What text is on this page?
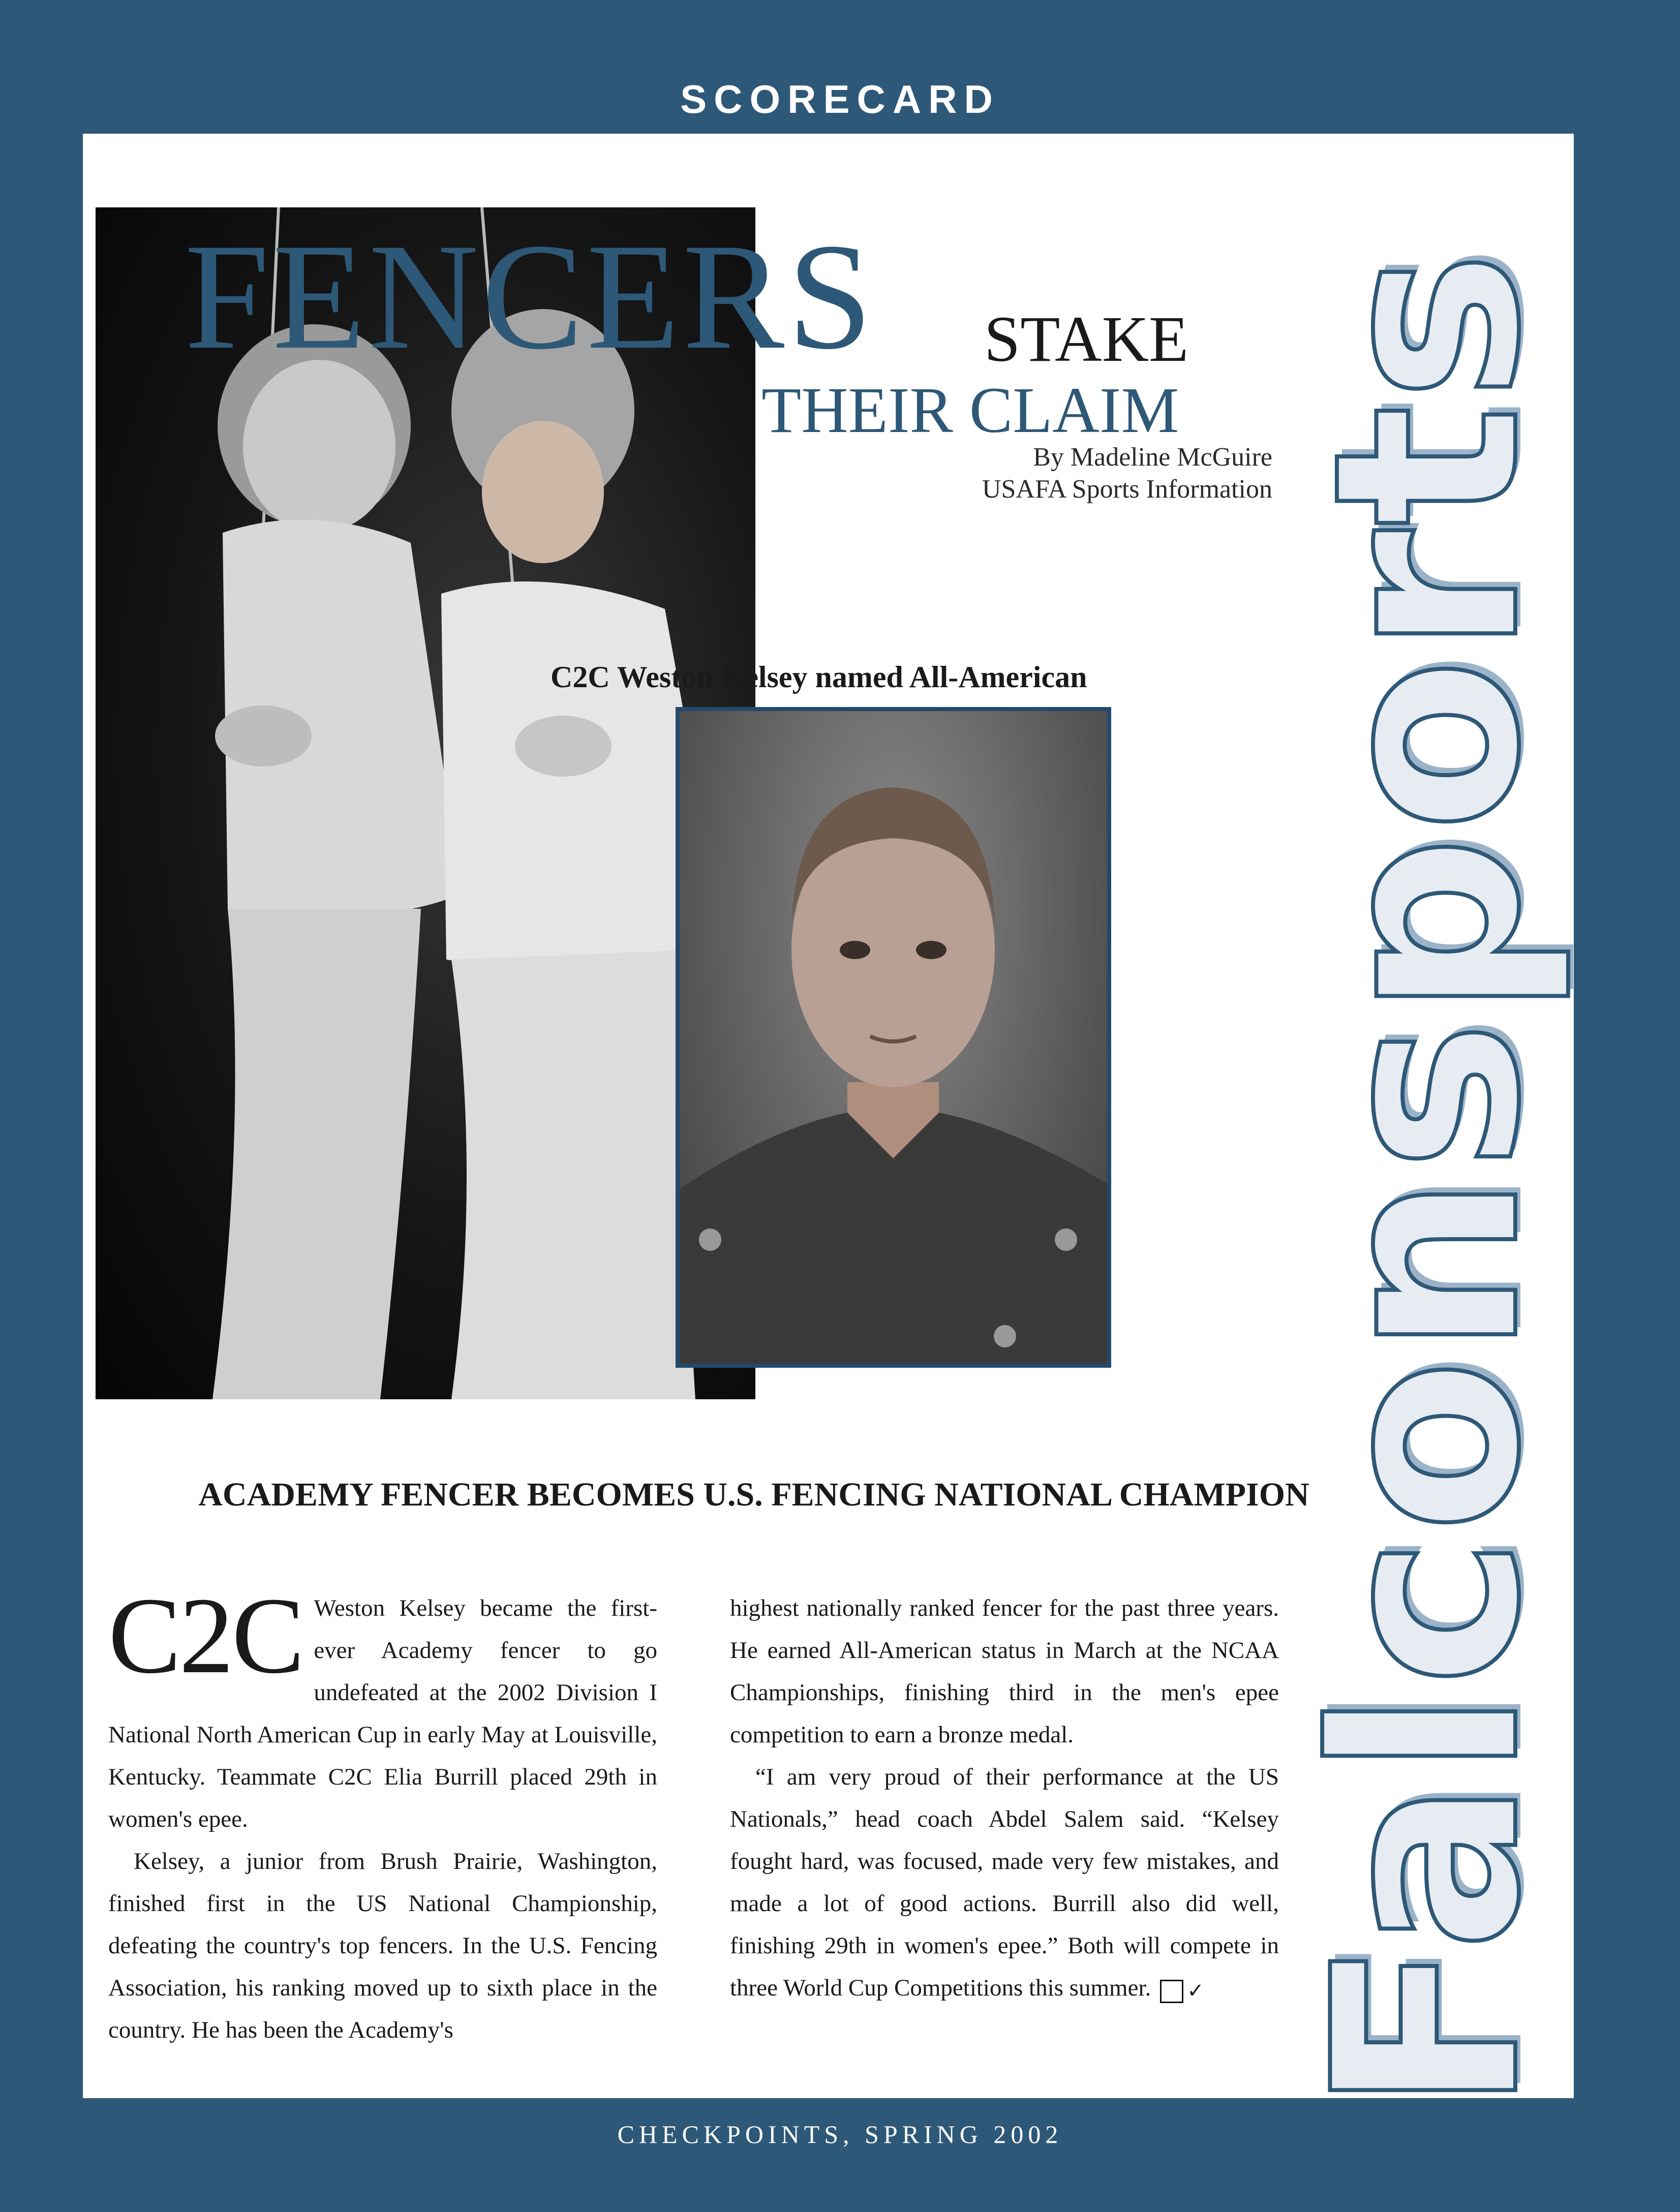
SCORECARD
FENCERS STAKE
THEIR CLAIM
By Madeline McGuire
USAFA Sports Information
C2C Weston Kelsey named All-American Falconsports
ACADEMY FENCER BECOMES U.S. FENCING NATIONAL CHAMPION

C2C Weston Kelsey became the first-ever Academy fencer to go undefeated at the 2002 Division I National North American Cup in early May at Louisville, Kentucky. Teammate C2C Elia Burrill placed 29th in women's epee.

Kelsey, a junior from Brush Prairie, Washington, finished first in the US National Championship, defeating the country's top fencers. In the U.S. Fencing Association, his ranking moved up to sixth place in the country. He has been the Academy's

highest nationally ranked fencer for the past three years. He earned All-American status in March at the NCAA Championships, finishing third in the men's epee competition to earn a bronze medal.

“I am very proud of their performance at the US Nationals,” head coach Abdel Salem said. “Kelsey fought hard, was focused, made very few mistakes, and made a lot of good actions. Burrill also did well, finishing 29th in women's epee.” Both will compete in three World Cup Competitions this summer. ✓

CHECKPOINTS, SPRING 2002
